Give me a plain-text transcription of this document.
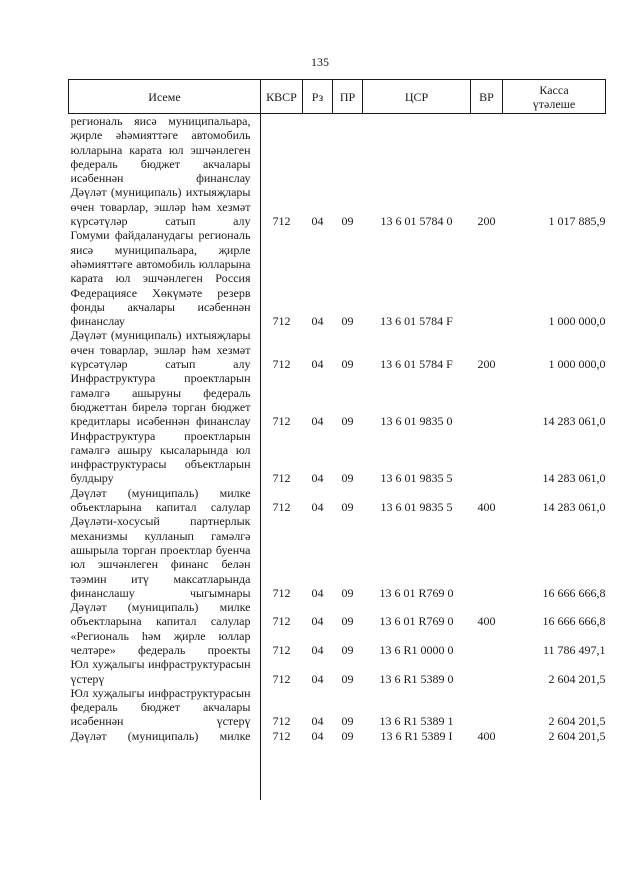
135
Исеме	КВСР	Рз	ПР	ЦСР	ВР	Касса үтәлеше
региональ яисә муниципальара, җирле әһәмияттәге автомобиль юлларына карата юл эшчәнлеген федераль бюджет акчалары исәбеннән финанслау						
Дәүләт (муниципаль) ихтыяҗлары өчен товарлар, эшләр һәм хезмәт күрсәтүләр сатып алу	712	04	09	13 6 01 5784 0	200	1 017 885,9
Гомуми файдаланудагы региональ яисә муниципальара, җирле әһәмияттәге автомобиль юлларына карата юл эшчәнлеген Россия Федерациясе Хөкүмәте резерв фонды акчалары исәбеннән финанслау	712	04	09	13 6 01 5784 F		1 000 000,0
Дәүләт (муниципаль) ихтыяҗлары өчен товарлар, эшләр һәм хезмәт күрсәтүләр сатып алу	712	04	09	13 6 01 5784 F	200	1 000 000,0
Инфраструктура проектларын гамәлгә ашыруны федераль бюджеттан бирелә торган бюджет кредитлары исәбеннән финанслау	712	04	09	13 6 01 9835 0		14 283 061,0
Инфраструктура проектларын гамәлгә ашыру кысаларында юл инфраструктурасы объектларын булдыру	712	04	09	13 6 01 9835 5		14 283 061,0
Дәүләт (муниципаль) милке объектларына капитал салулар	712	04	09	13 6 01 9835 5	400	14 283 061,0
Дәүләти-хосусый партнерлык механизмы кулланып гамәлгә ашырыла торган проектлар буенча юл эшчәнлеген финанс белән тәэмин итү максатларында финанслашу чыгымнары	712	04	09	13 6 01 R769 0		16 666 666,8
Дәүләт (муниципаль) милке объектларына капитал салулар	712	04	09	13 6 01 R769 0	400	16 666 666,8
«Региональ һәм җирле юллар челтәре» федераль проекты	712	04	09	13 6 R1 0000 0		11 786 497,1
Юл хуҗалыгы инфраструктурасын үстерү	712	04	09	13 6 R1 5389 0		2 604 201,5
Юл хуҗалыгы инфраструктурасын федераль бюджет акчалары исәбеннән үстерү	712	04	09	13 6 R1 5389 1		2 604 201,5
Дәүләт (муниципаль) милке	712	04	09	13 6 R1 5389 I	400	2 604 201,5
